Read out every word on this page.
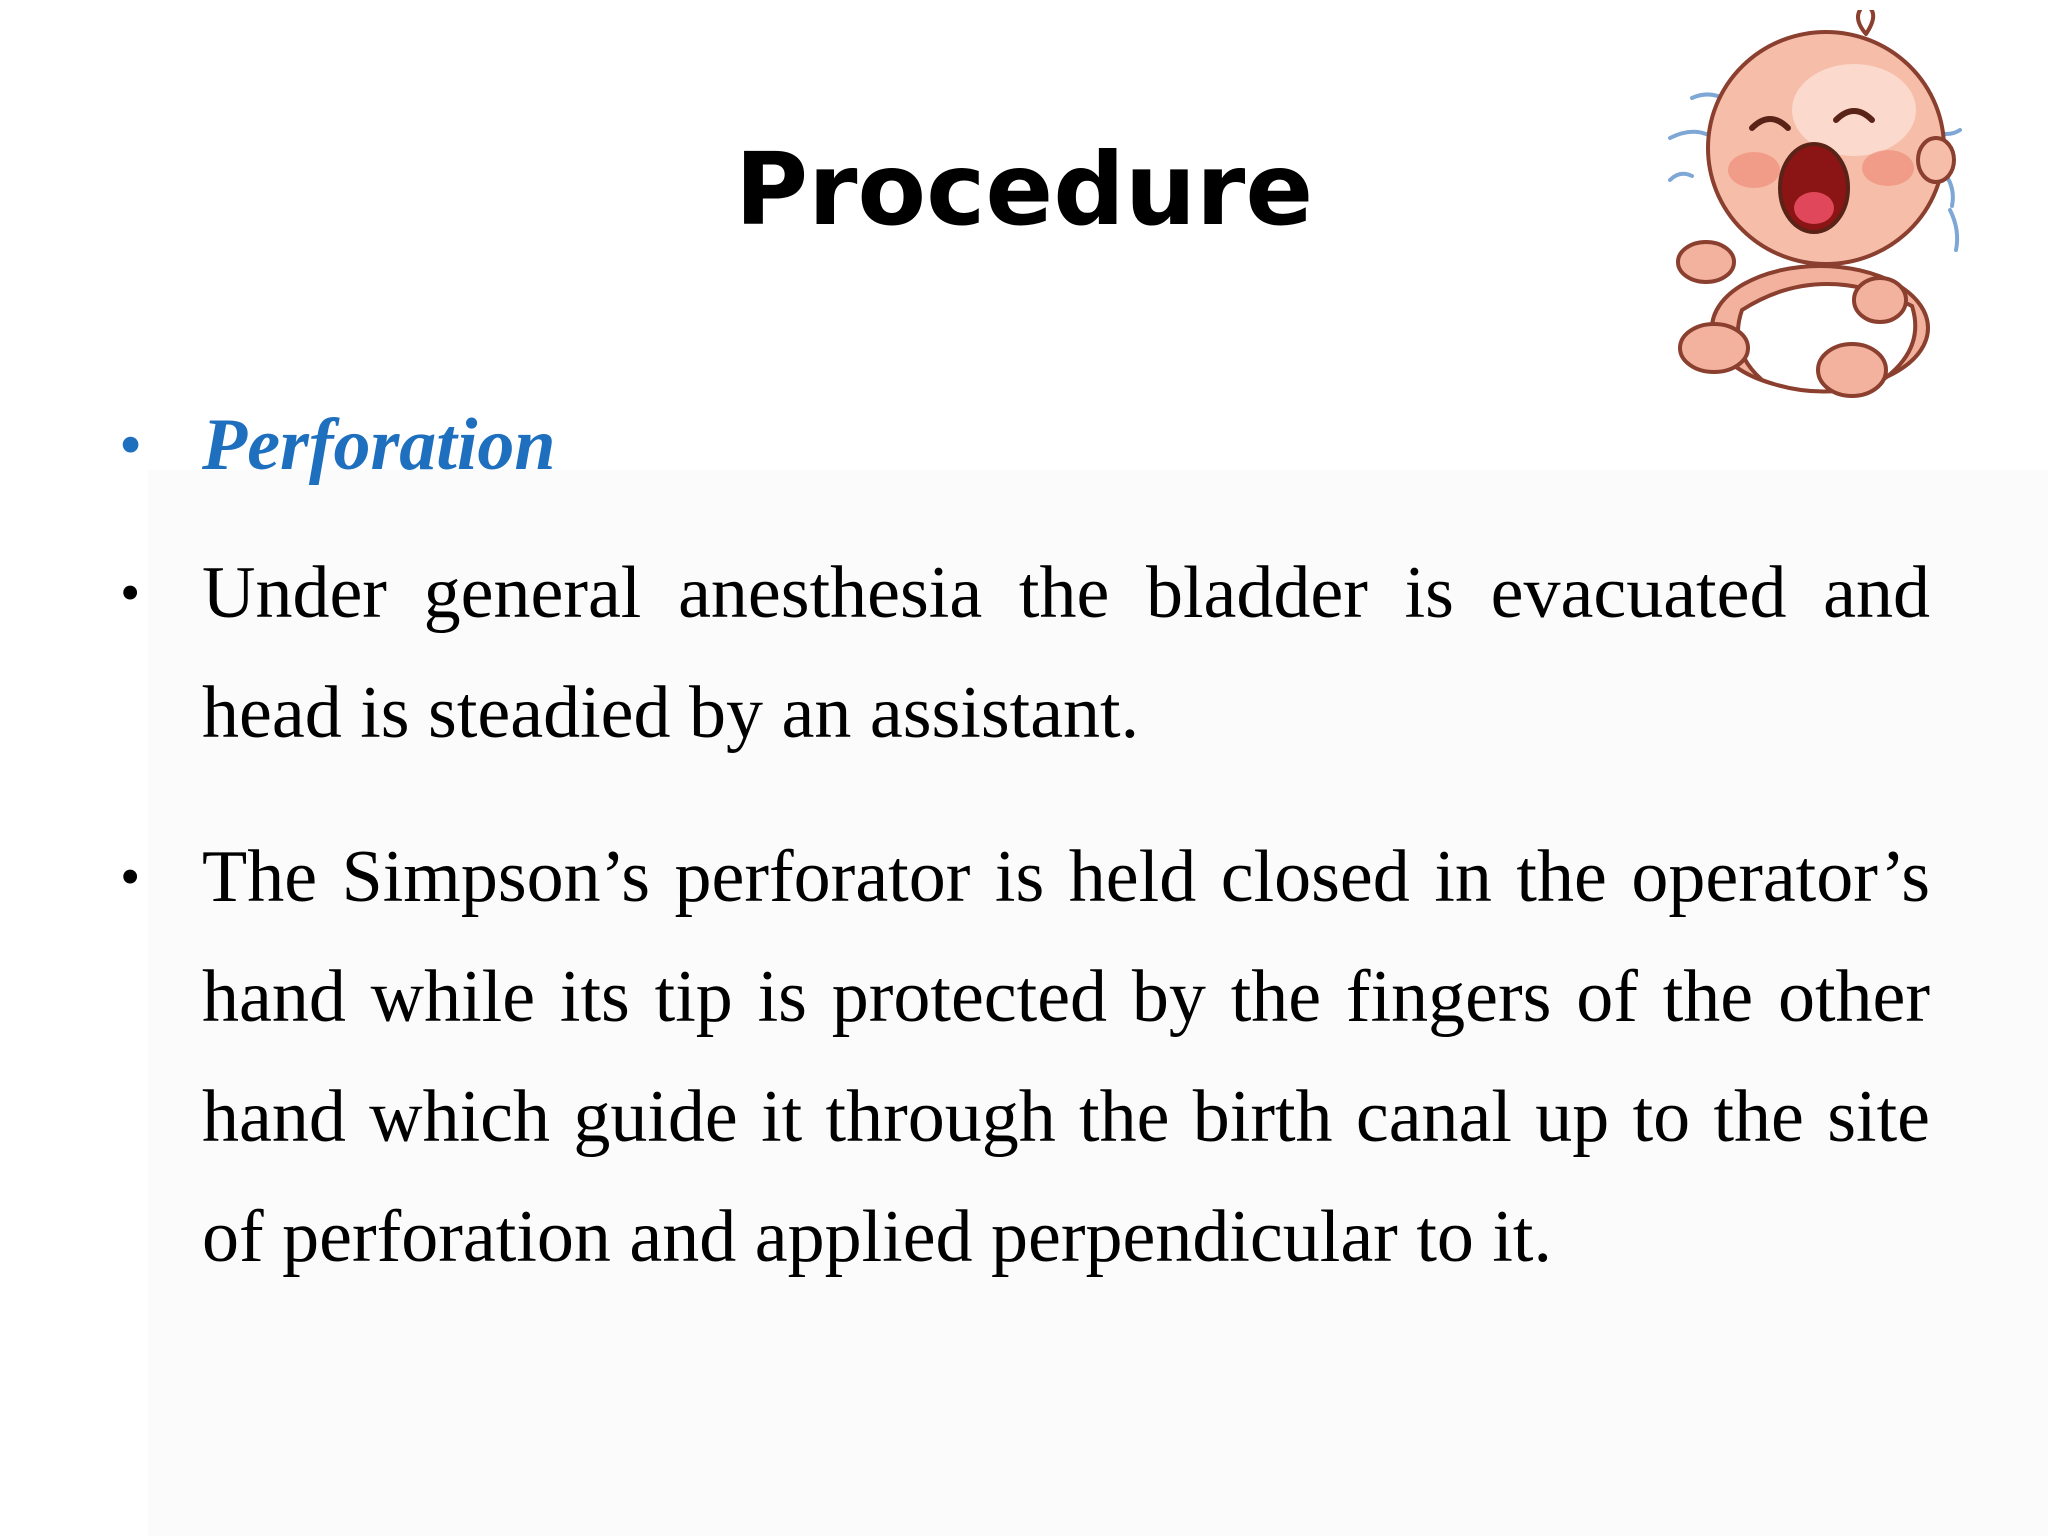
Procedure
• Perforation
• Under general anesthesia the bladder is evacuated and head is steadied by an assistant.
• The Simpson’s perforator is held closed in the operator’s hand while its tip is protected by the fingers of the other hand which guide it through the birth canal up to the site of perforation and applied perpendicular to it.
